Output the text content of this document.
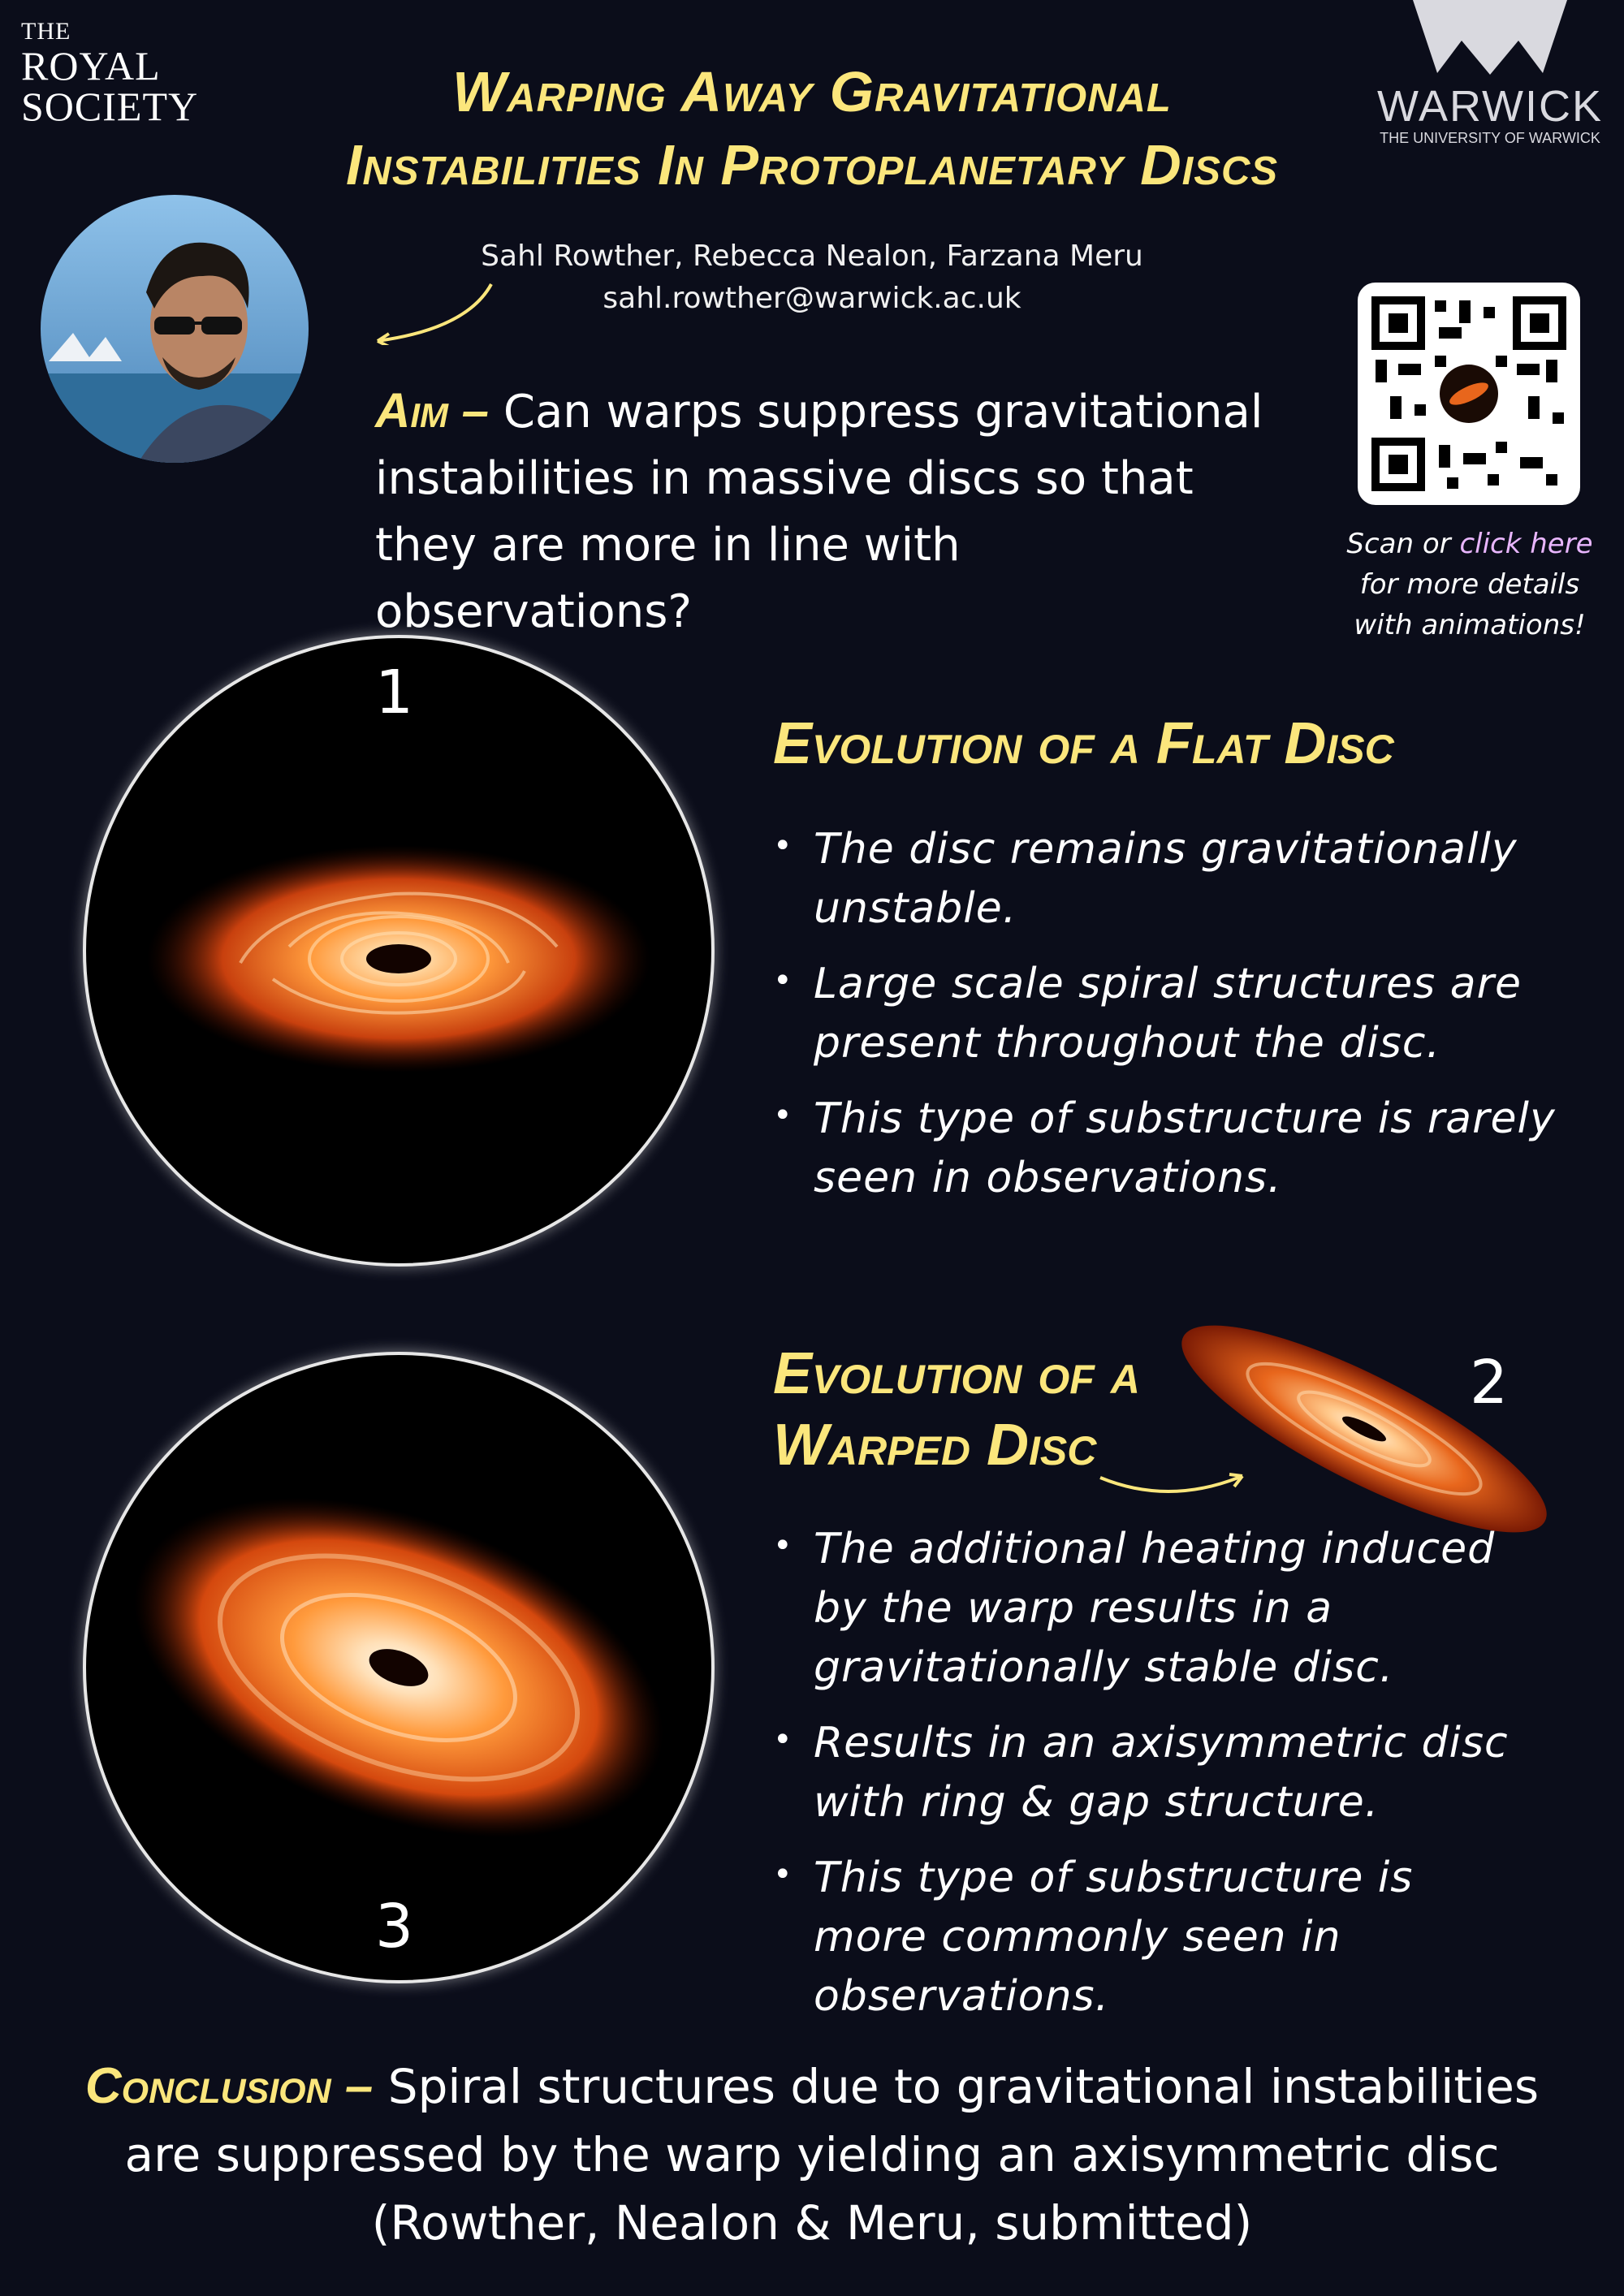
THE
ROYAL
SOCIETY	Warping Away Gravitational
Instabilities In Protoplanetary Discs
WARWICK
THE UNIVERSITY OF WARWICK
Sahl Rowther, Rebecca Nealon, Farzana Meru
sahl.rowther@warwick.ac.uk
Aim – Can warps suppress gravitational instabilities in massive discs so that they are more in line with observations?
Scan or click here
for more details
with animations!
1
Evolution of a Flat Disc
• The disc remains gravitationally unstable.
• Large scale spiral structures are present throughout the disc.
• This type of substructure is rarely seen in observations.
Evolution of a
Warped Disc
2
3
• The additional heating induced by the warp results in a gravitationally stable disc.
• Results in an axisymmetric disc with ring & gap structure.
• This type of substructure is more commonly seen in observations.
Conclusion – Spiral structures due to gravitational instabilities are suppressed by the warp yielding an axisymmetric disc (Rowther, Nealon & Meru, submitted)
